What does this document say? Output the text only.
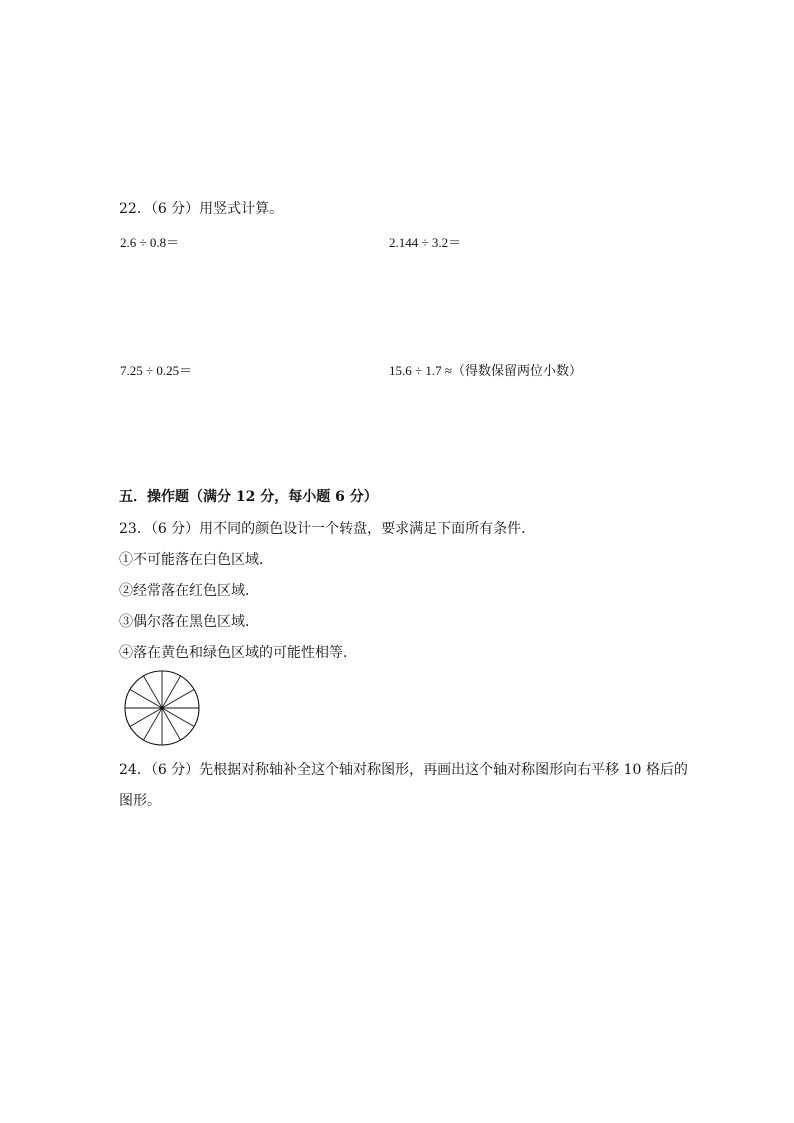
22．（6 分）用竖式计算。
2.6 ÷ 0.8＝	2.144 ÷ 3.2＝
7.25 ÷ 0.25＝	15.6 ÷ 1.7 ≈（得数保留两位小数）
五．操作题（满分 12 分，每小题 6 分）
23．（6 分）用不同的颜色设计一个转盘，要求满足下面所有条件．
①不可能落在白色区域．
②经常落在红色区域．
③偶尔落在黑色区域．
④落在黄色和绿色区域的可能性相等．
24．（6 分）先根据对称轴补全这个轴对称图形，再画出这个轴对称图形向右平移 10 格后的
图形。
